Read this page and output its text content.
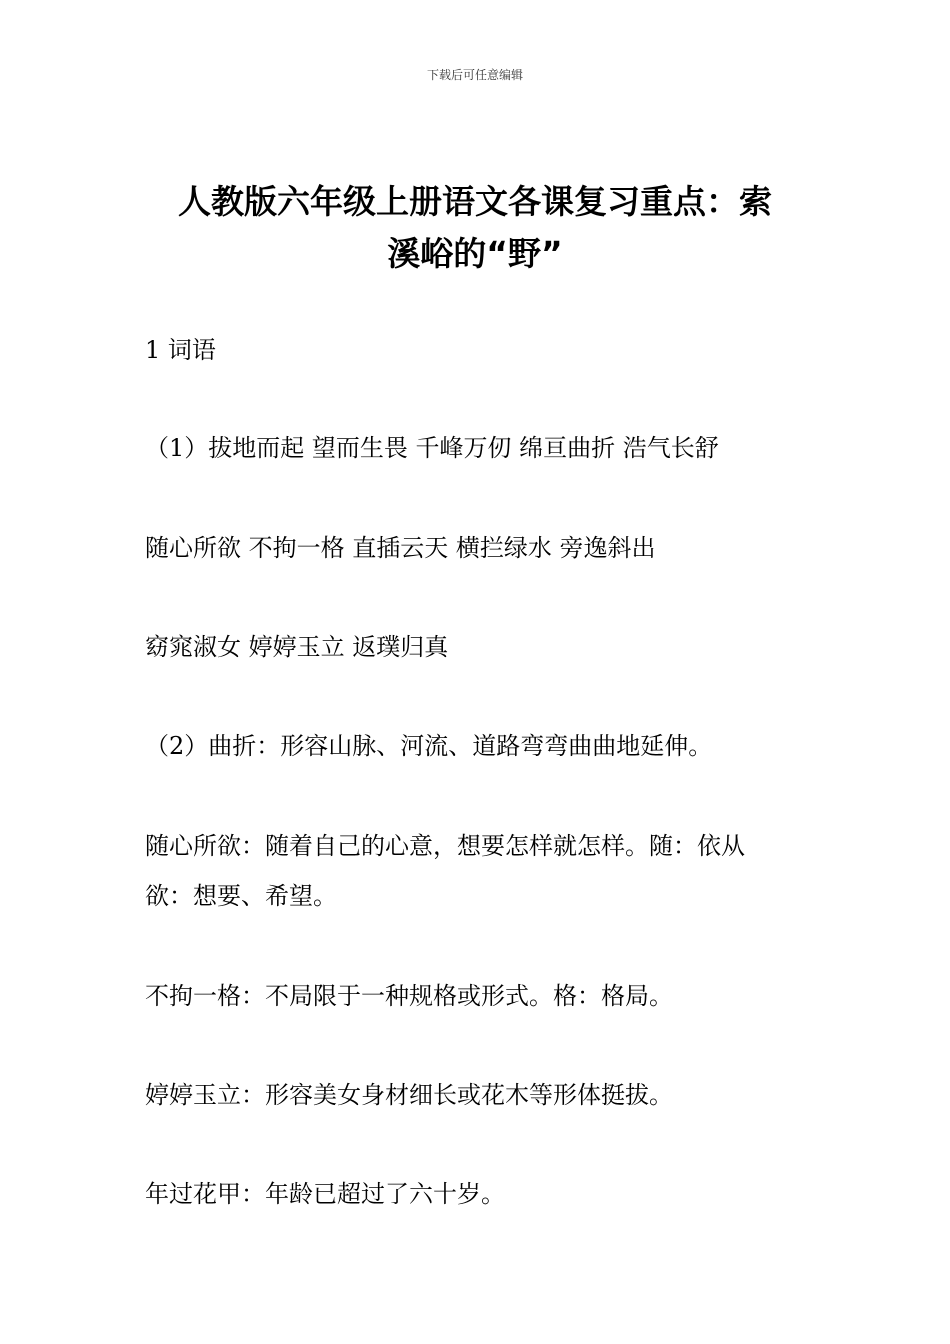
下载后可任意编辑
人教版六年级上册语文各课复习重点：索
溪峪的“野”
1 词语
（1）拔地而起 望而生畏 千峰万仞 绵亘曲折 浩气长舒
随心所欲 不拘一格 直插云天 横拦绿水 旁逸斜出
窈窕淑女 婷婷玉立 返璞归真
（2）曲折：形容山脉、河流、道路弯弯曲曲地延伸。
随心所欲：随着自己的心意，想要怎样就怎样。随：依从
欲：想要、希望。
不拘一格：不局限于一种规格或形式。格：格局。
婷婷玉立：形容美女身材细长或花木等形体挺拔。
年过花甲：年龄已超过了六十岁。
